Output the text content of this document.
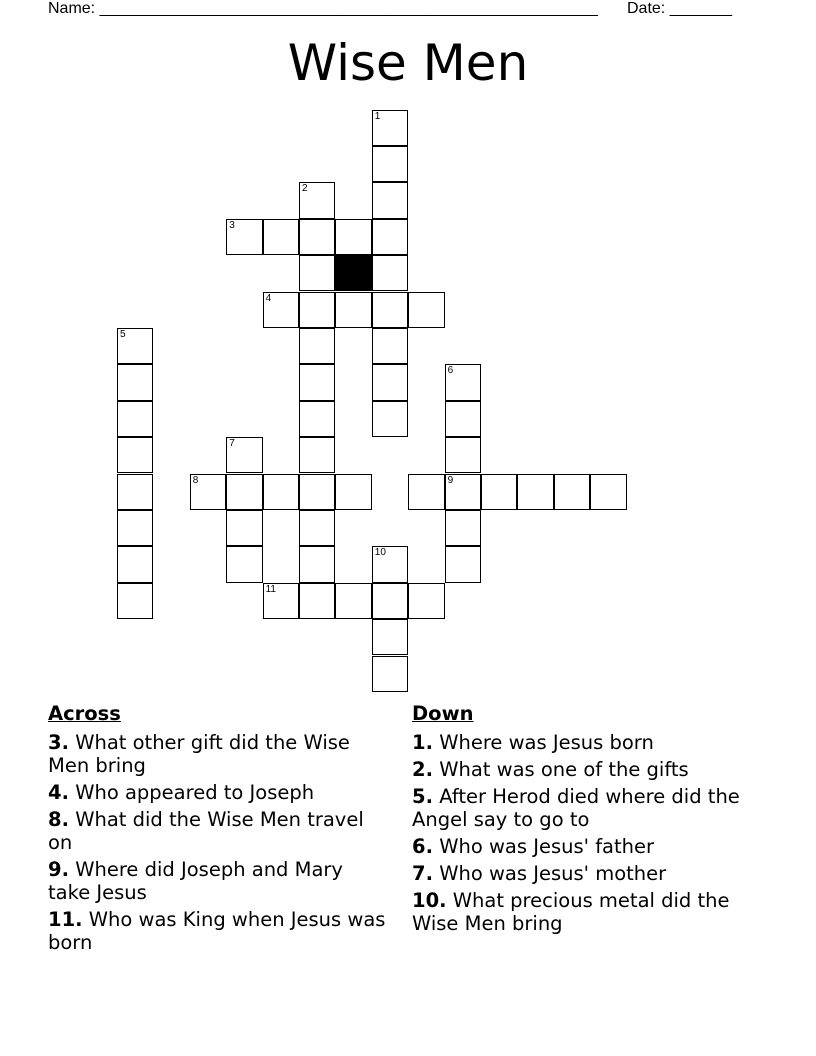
Name: ________________________________________________________ Date: _______
Wise Men
1
2
3
4
5
6
9
7
8
11
10
Across
3. What other gift did the Wise Men bring
4. Who appeared to Joseph
8. What did the Wise Men travel on
9. Where did Joseph and Mary take Jesus
11. Who was King when Jesus was born
Down
1. Where was Jesus born
2. What was one of the gifts
5. After Herod died where did the Angel say to go to
6. Who was Jesus' father
7. Who was Jesus' mother
10. What precious metal did the Wise Men bring
